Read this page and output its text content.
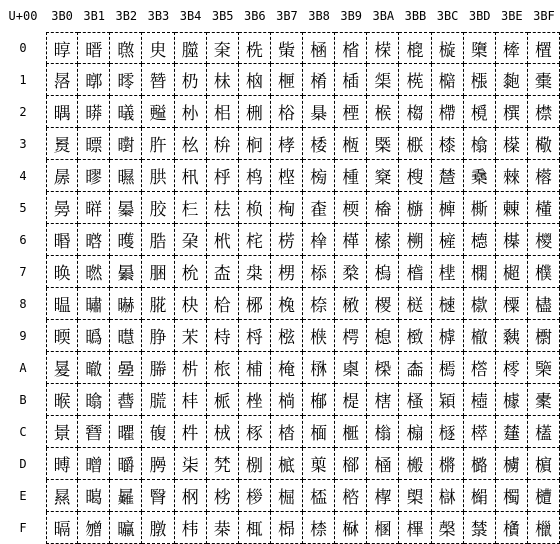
U+00	3B0 3B1 3B2 3B3 3B4 3B5 3B6 3B7 3B8 3B9 3BA 3BB 3BC 3BD 3BE 3BF
0
1
2
3
4
5
6
7
8
9
A
B
C
D
E
F
㬀 㬐 㬠 㬰 㭀 㭐 㭠 㭰 㮀 㮐 㮠 㮰 㯀 㯐 㯠 㯰
㬁 㬑 㬡 㬱 㭁 㭑 㭡 㭱 㮁 㮑 㮡 㮱 㯁 㯑 㯡 㯱
㬂 㬒 㬢 㬲 㭂 㭒 㭢 㭲 㮂 㮒 㮢 㮲 㯂 㯒 㯢 㯲
㬃 㬓 㬣 㬳 㭃 㭓 㭣 㭳 㮃 㮓 㮣 㮳 㯃 㯓 㯣 㯳
㬄 㬔 㬤 㬴 㭄 㭔 㭤 㭴 㮄 㮔 㮤 㮴 㯄 㯔 㯤 㯴
㬅 㬕 㬥 㬵 㭅 㭕 㭥 㭵 㮅 㮕 㮥 㮵 㯅 㯕 㯥 㯵
㬆 㬖 㬦 㬶 㭆 㭖 㭦 㭶 㮆 㮖 㮦 㮶 㯆 㯖 㯦 㯶
㬇 㬗 㬧 㬷 㭇 㭗 㭧 㭷 㮇 㮗 㮧 㮷 㯇 㯗 㯧 㯷
㬈 㬘 㬨 㬸 㭈 㭘 㭨 㭸 㮈 㮘 㮨 㮸 㯈 㯘 㯨 㯸
㬉 㬙 㬩 㬹 㭉 㭙 㭩 㭹 㮉 㮙 㮩 㮹 㯉 㯙 㯩 㯹
㬊 㬚 㬪 㬺 㭊 㭚 㭪 㭺 㮊 㮚 㮪 㮺 㯊 㯚 㯪 㯺
㬋 㬛 㬫 㬻 㭋 㭛 㭫 㭻 㮋 㮛 㮫 㮻 㯋 㯛 㯫 㯻
㬌 㬜 㬬 㬼 㭌 㭜 㭬 㭼 㮌 㮜 㮬 㮼 㯌 㯜 㯬 㯼
㬍 㬝 㬭 㬽 㭍 㭝 㭭 㭽 㮍 㮝 㮭 㮽 㯍 㯝 㯭 㯽
㬎 㬞 㬮 㬾 㭎 㭞 㭮 㭾 㮎 㮞 㮮 㮾 㯎 㯞 㯮 㯾
㬏 㬟 㬯 㬿 㭏 㭟 㭯 㭿 㮏 㮟 㮯 㮿 㯏 㯟 㯯 㯿
